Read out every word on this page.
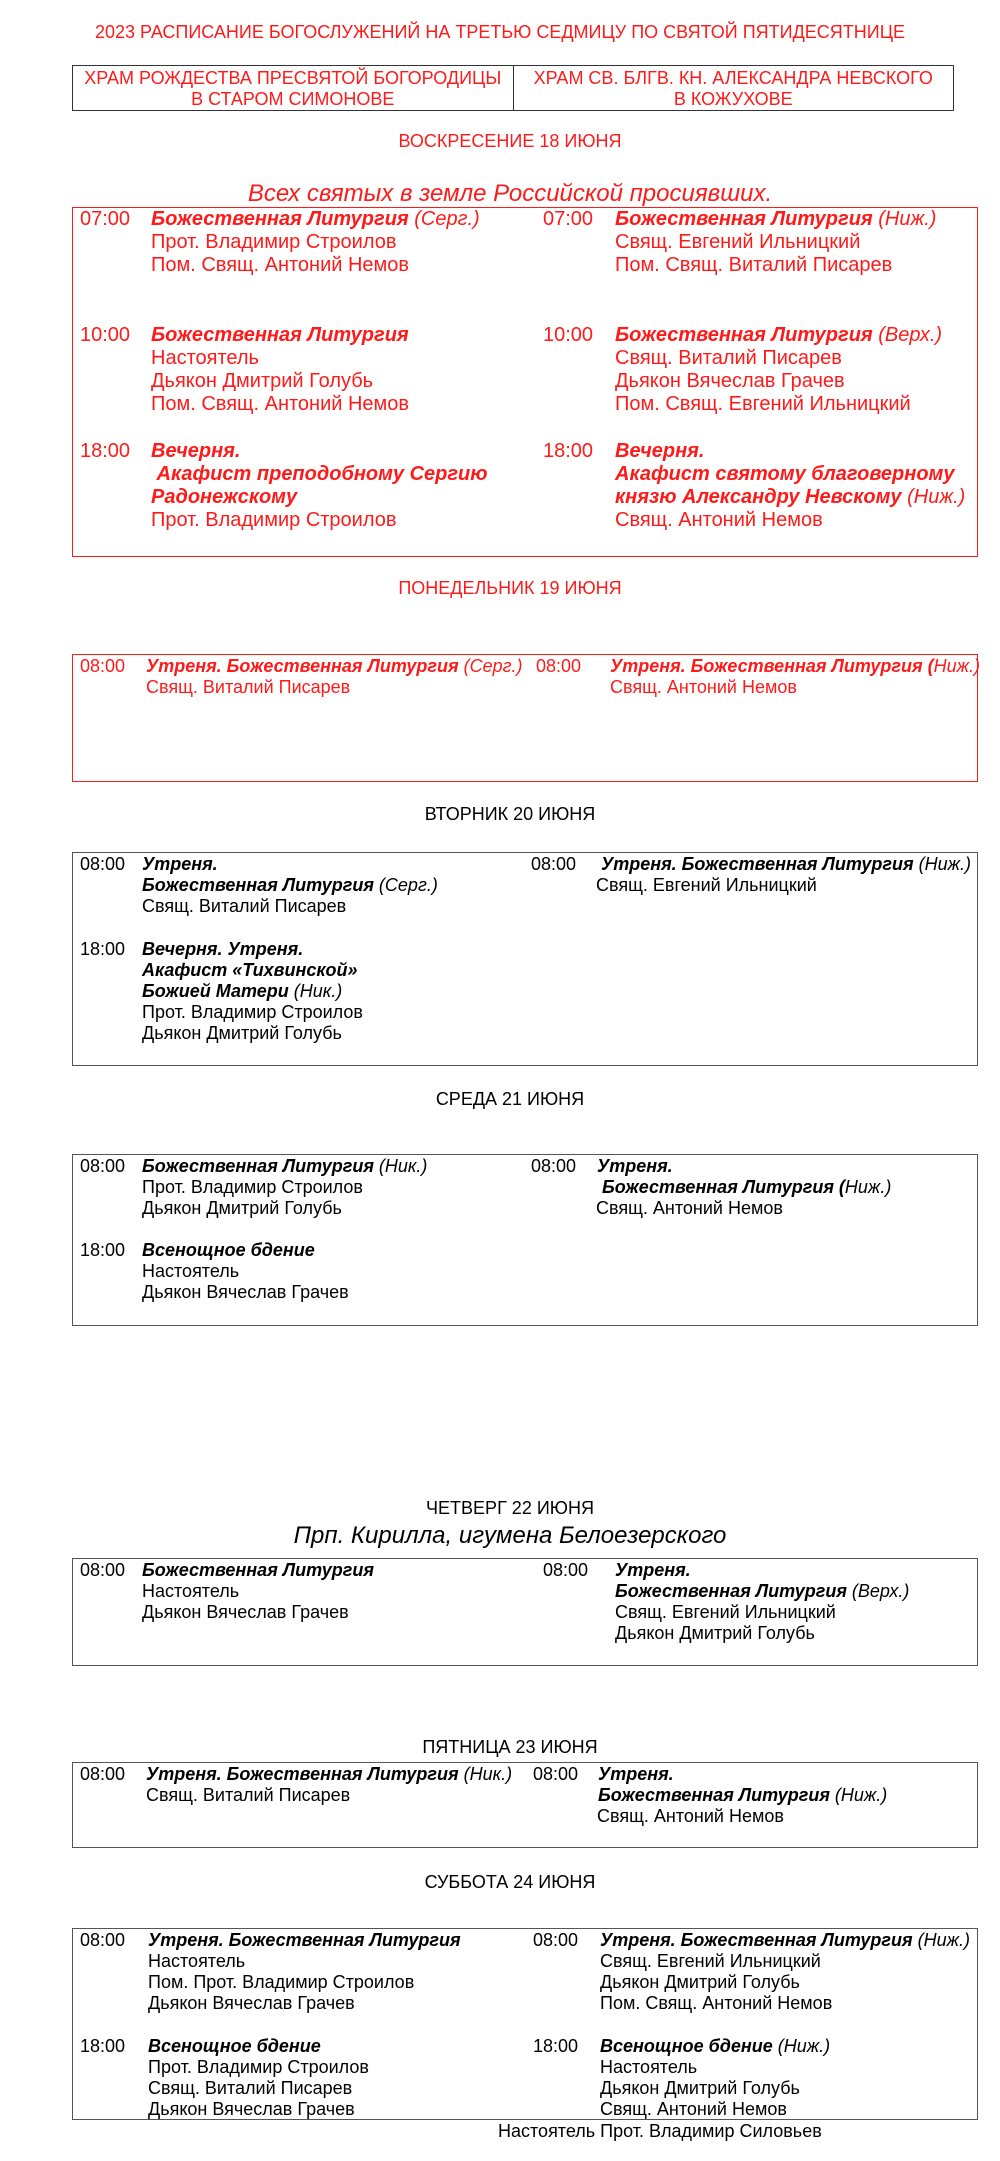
2023 РАСПИСАНИЕ БОГОСЛУЖЕНИЙ НА ТРЕТЬЮ СЕДМИЦУ ПО СВЯТОЙ ПЯТИДЕСЯТНИЦЕ
ХРАМ РОЖДЕСТВА ПРЕСВЯТОЙ БОГОРОДИЦЫ
В СТАРОМ СИМОНОВЕ
ХРАМ СВ. БЛГВ. КН. АЛЕКСАНДРА НЕВСКОГО
В КОЖУХОВЕ
ВОСКРЕСЕНИЕ 18 ИЮНЯ
Всех святых в земле Российской просиявших.
07:00 Божественная Литургия (Серг.)
Прот. Владимир Строилов
Пом. Свящ. Антоний Немов
10:00 Божественная Литургия
Настоятель
Дьякон Дмитрий Голубь
Пом. Свящ. Антоний Немов
18:00 Вечерня.
Акафист преподобному Сергию
Радонежскому
Прот. Владимир Строилов
07:00 Божественная Литургия (Ниж.)
Свящ. Евгений Ильницкий
Пом. Свящ. Виталий Писарев
10:00 Божественная Литургия (Верх.)
Свящ. Виталий Писарев
Дьякон Вячеслав Грачев
Пом. Свящ. Евгений Ильницкий
18:00 Вечерня.
Акафист святому благоверному
князю Александру Невскому (Ниж.)
Свящ. Антоний Немов
ПОНЕДЕЛЬНИК 19 ИЮНЯ
08:00 Утреня. Божественная Литургия (Серг.)
Свящ. Виталий Писарев
08:00 Утреня. Божественная Литургия (Ниж.)
Свящ. Антоний Немов
ВТОРНИК 20 ИЮНЯ
08:00 Утреня.
Божественная Литургия (Серг.)
Свящ. Виталий Писарев
18:00 Вечерня. Утреня.
Акафист «Тихвинской»
Божией Матери (Ник.)
Прот. Владимир Строилов
Дьякон Дмитрий Голубь
08:00 Утреня. Божественная Литургия (Ниж.)
Свящ. Евгений Ильницкий
СРЕДА 21 ИЮНЯ
08:00 Божественная Литургия (Ник.)
Прот. Владимир Строилов
Дьякон Дмитрий Голубь
18:00 Всенощное бдение
Настоятель
Дьякон Вячеслав Грачев
08:00 Утреня.
Божественная Литургия (Ниж.)
Свящ. Антоний Немов
ЧЕТВЕРГ 22 ИЮНЯ
Прп. Кирилла, игумена Белоезерского
08:00 Божественная Литургия
Настоятель
Дьякон Вячеслав Грачев
08:00 Утреня.
Божественная Литургия (Верх.)
Свящ. Евгений Ильницкий
Дьякон Дмитрий Голубь
ПЯТНИЦА 23 ИЮНЯ
08:00 Утреня. Божественная Литургия (Ник.)
Свящ. Виталий Писарев
08:00 Утреня.
Божественная Литургия (Ниж.)
Свящ. Антоний Немов
СУББОТА 24 ИЮНЯ
08:00 Утреня. Божественная Литургия
Настоятель
Пом. Прот. Владимир Строилов
Дьякон Вячеслав Грачев
18:00 Всенощное бдение
Прот. Владимир Строилов
Свящ. Виталий Писарев
Дьякон Вячеслав Грачев
08:00 Утреня. Божественная Литургия (Ниж.)
Свящ. Евгений Ильницкий
Дьякон Дмитрий Голубь
Пом. Свящ. Антоний Немов
18:00 Всенощное бдение (Ниж.)
Настоятель
Дьякон Дмитрий Голубь
Свящ. Антоний Немов
Настоятель Прот. Владимир Силовьев
